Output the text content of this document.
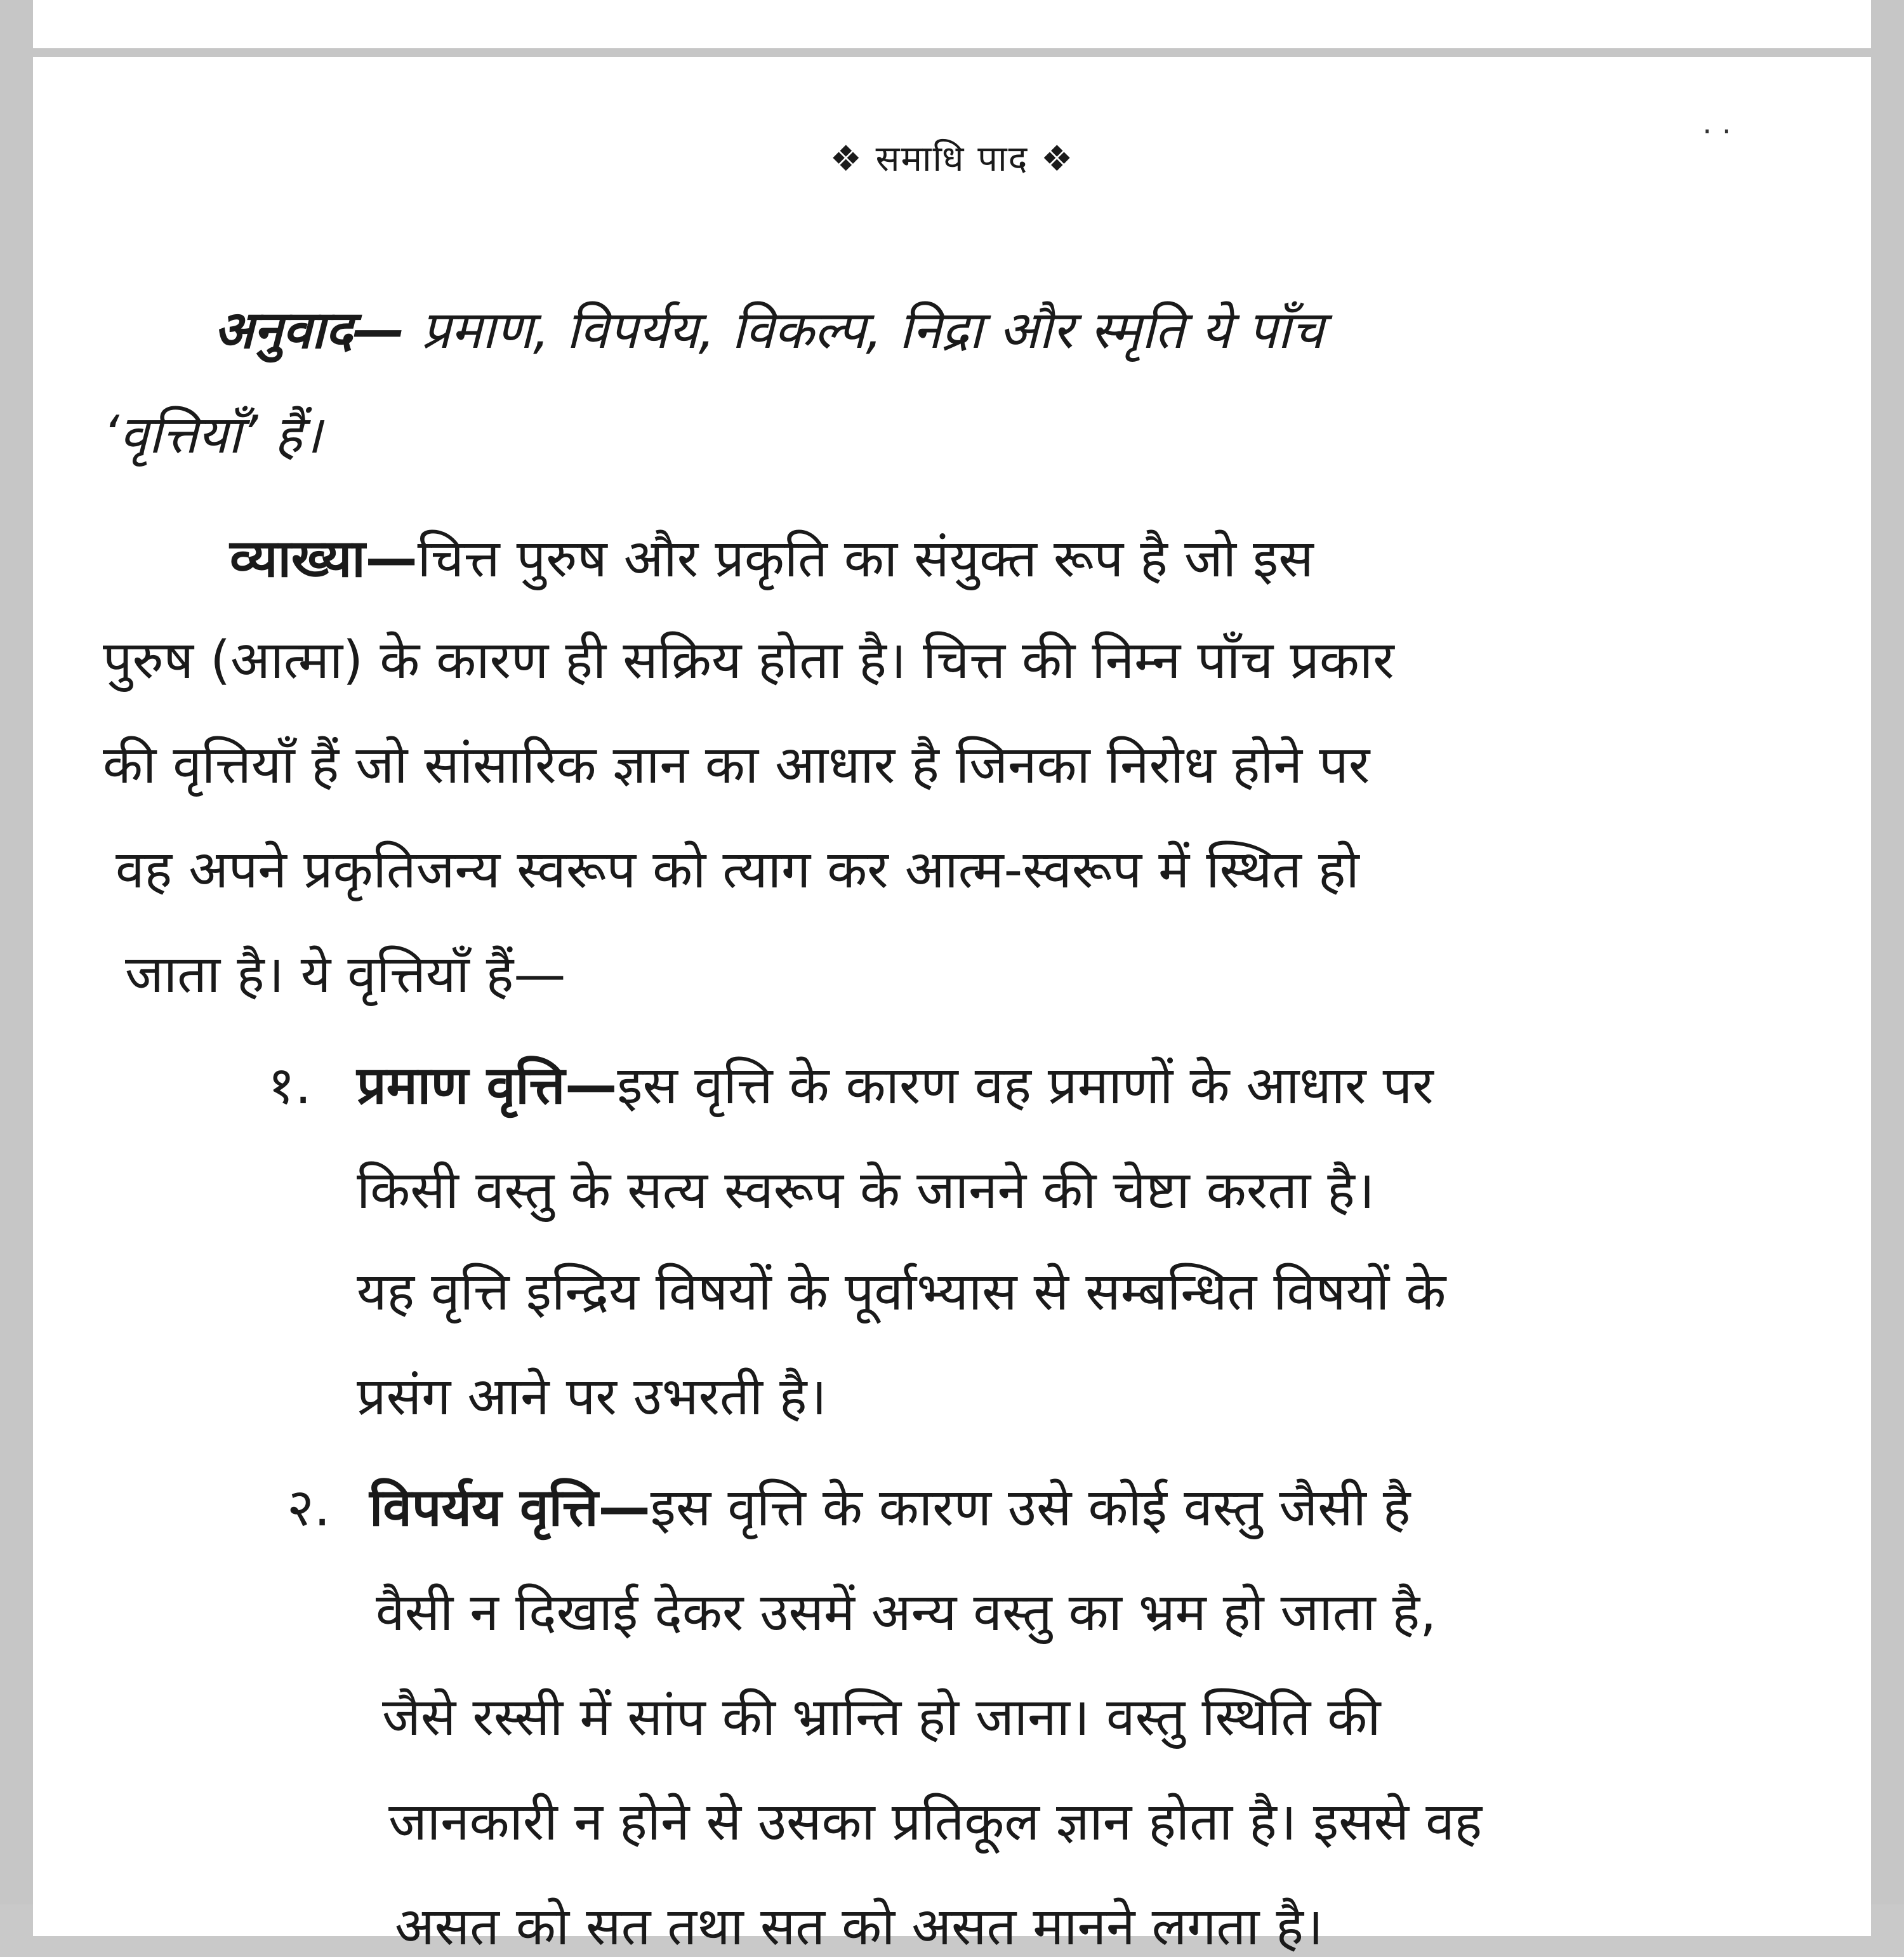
❖ समाधि पाद ❖
· ·
अनुवाद— प्रमाण, विपर्यय, विकल्प, निद्रा और स्मृति ये पाँच
‘वृत्तियाँ’ हैं।
व्याख्या—चित्त पुरुष और प्रकृति का संयुक्त रूप है जो इस
पुरुष (आत्मा) के कारण ही सक्रिय होता है। चित्त की निम्न पाँच प्रकार
की वृत्तियाँ हैं जो सांसारिक ज्ञान का आधार है जिनका निरोध होने पर
वह अपने प्रकृतिजन्य स्वरूप को त्याग कर आत्म-स्वरूप में स्थित हो
जाता है। ये वृत्तियाँ हैं—
१. प्रमाण वृत्ति—इस वृत्ति के कारण वह प्रमाणों के आधार पर
किसी वस्तु के सत्य स्वरूप के जानने की चेष्टा करता है।
यह वृत्ति इन्द्रिय विषयों के पूर्वाभ्यास से सम्बन्धित विषयों के
प्रसंग आने पर उभरती है।
२. विपर्यय वृत्ति—इस वृत्ति के कारण उसे कोई वस्तु जैसी है
वैसी न दिखाई देकर उसमें अन्य वस्तु का भ्रम हो जाता है,
जैसे रस्सी में सांप की भ्रान्ति हो जाना। वस्तु स्थिति की
जानकारी न होने से उसका प्रतिकूल ज्ञान होता है। इससे वह
असत को सत तथा सत को असत मानने लगता है।
